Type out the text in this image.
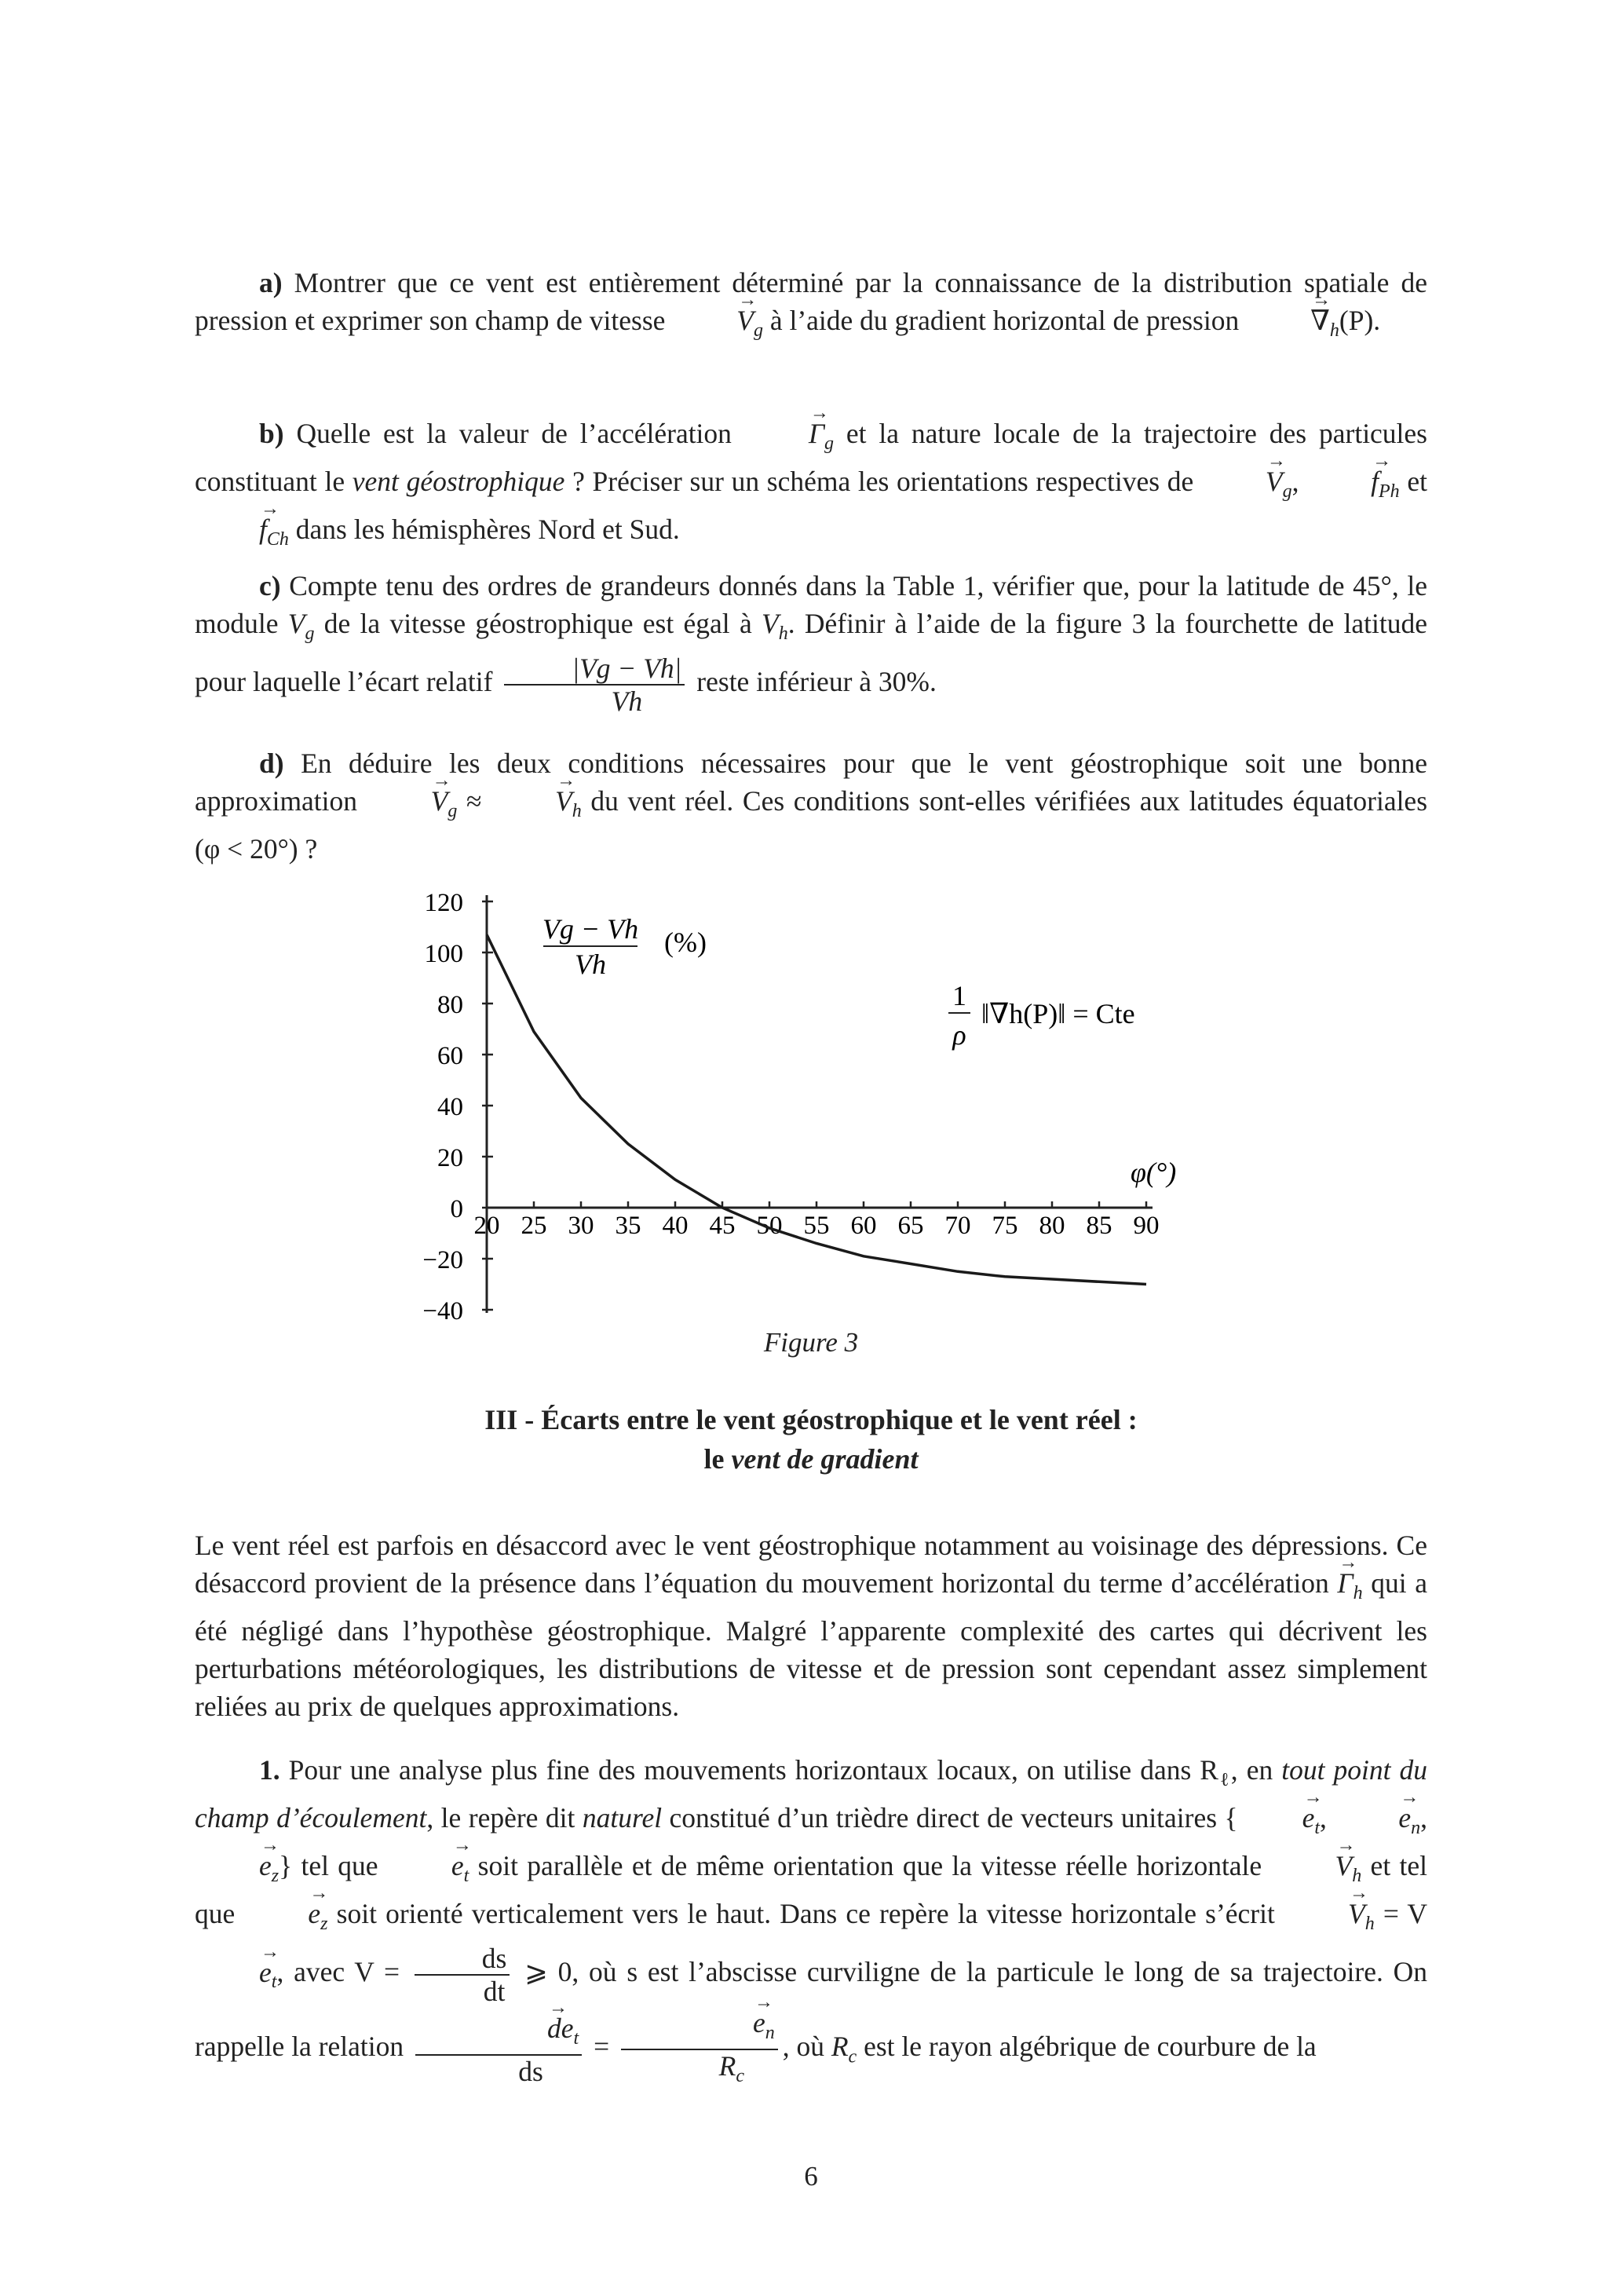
a) Montrer que ce vent est entièrement déterminé par la connaissance de la distribution spatiale de pression et exprimer son champ de vitesse → $V_g$ à l’aide du gradient horizontal de pression → $\nabla_h(P)$.
b) Quelle est la valeur de l’accélération → $\Gamma_g$ et la nature locale de la trajectoire des particules constituant le vent géostrophique ? Préciser sur un schéma les orientations respectives de → $V_g$, → $f_{Ph}$ et → $f_{Ch}$ dans les hémisphères Nord et Sud.
c) Compte tenu des ordres de grandeurs donnés dans la Table 1, vérifier que, pour la latitude de 45°, le module $V_g$ de la vitesse géostrophique est égal à $V_h$. Définir à l’aide de la figure 3 la fourchette de latitude pour laquelle l’écart relatif $\frac{|Vg - Vh|}{Vh}$ reste inférieur à 30%.
d) En déduire les deux conditions nécessaires pour que le vent géostrophique soit une bonne approximation → $V_g$ ≈ → $V_h$ du vent réel. Ces conditions sont-elles vérifiées aux latitudes équatoriales (φ < 20°) ?
120
100
80
60
40
20
0
−20
−40
20 25 30 35 40 45 50 55 60 65 70 75 80 85 90
Vg − Vh
Vh
(%)
1
ρ
‖∇h(P)‖ = Cte
φ(°)
Figure 3
III - Écarts entre le vent géostrophique et le vent réel :
le vent de gradient
Le vent réel est parfois en désaccord avec le vent géostrophique notamment au voisinage des dépressions. Ce désaccord provient de la présence dans l’équation du mouvement horizontal du terme d’accélération → $\Gamma_h$ qui a été négligé dans l’hypothèse géostrophique. Malgré l’apparente complexité des cartes qui décrivent les perturbations météorologiques, les distributions de vitesse et de pression sont cependant assez simplement reliées au prix de quelques approximations.
1. Pour une analyse plus fine des mouvements horizontaux locaux, on utilise dans $R_\ell$, en tout point du champ d’écoulement, le repère dit naturel constitué d’un trièdre direct de vecteurs unitaires { → $e_t$, → $e_n$, → $e_z$} tel que → $e_t$ soit parallèle et de même orientation que la vitesse réelle horizontale → $V_h$ et tel que → $e_z$ soit orienté verticalement vers le haut. Dans ce repère la vitesse horizontale s’écrit → $V_h = V \to e_t$, avec $V = \frac{ds}{dt}$ ⩾ 0, où s est l’abscisse curviligne de la particule le long de sa trajectoire. On rappelle la relation → $\frac{de_t}{ds}$ = → $\frac{e_n}{R_c}$ , où $R_c$ est le rayon algébrique de courbure de la
6
